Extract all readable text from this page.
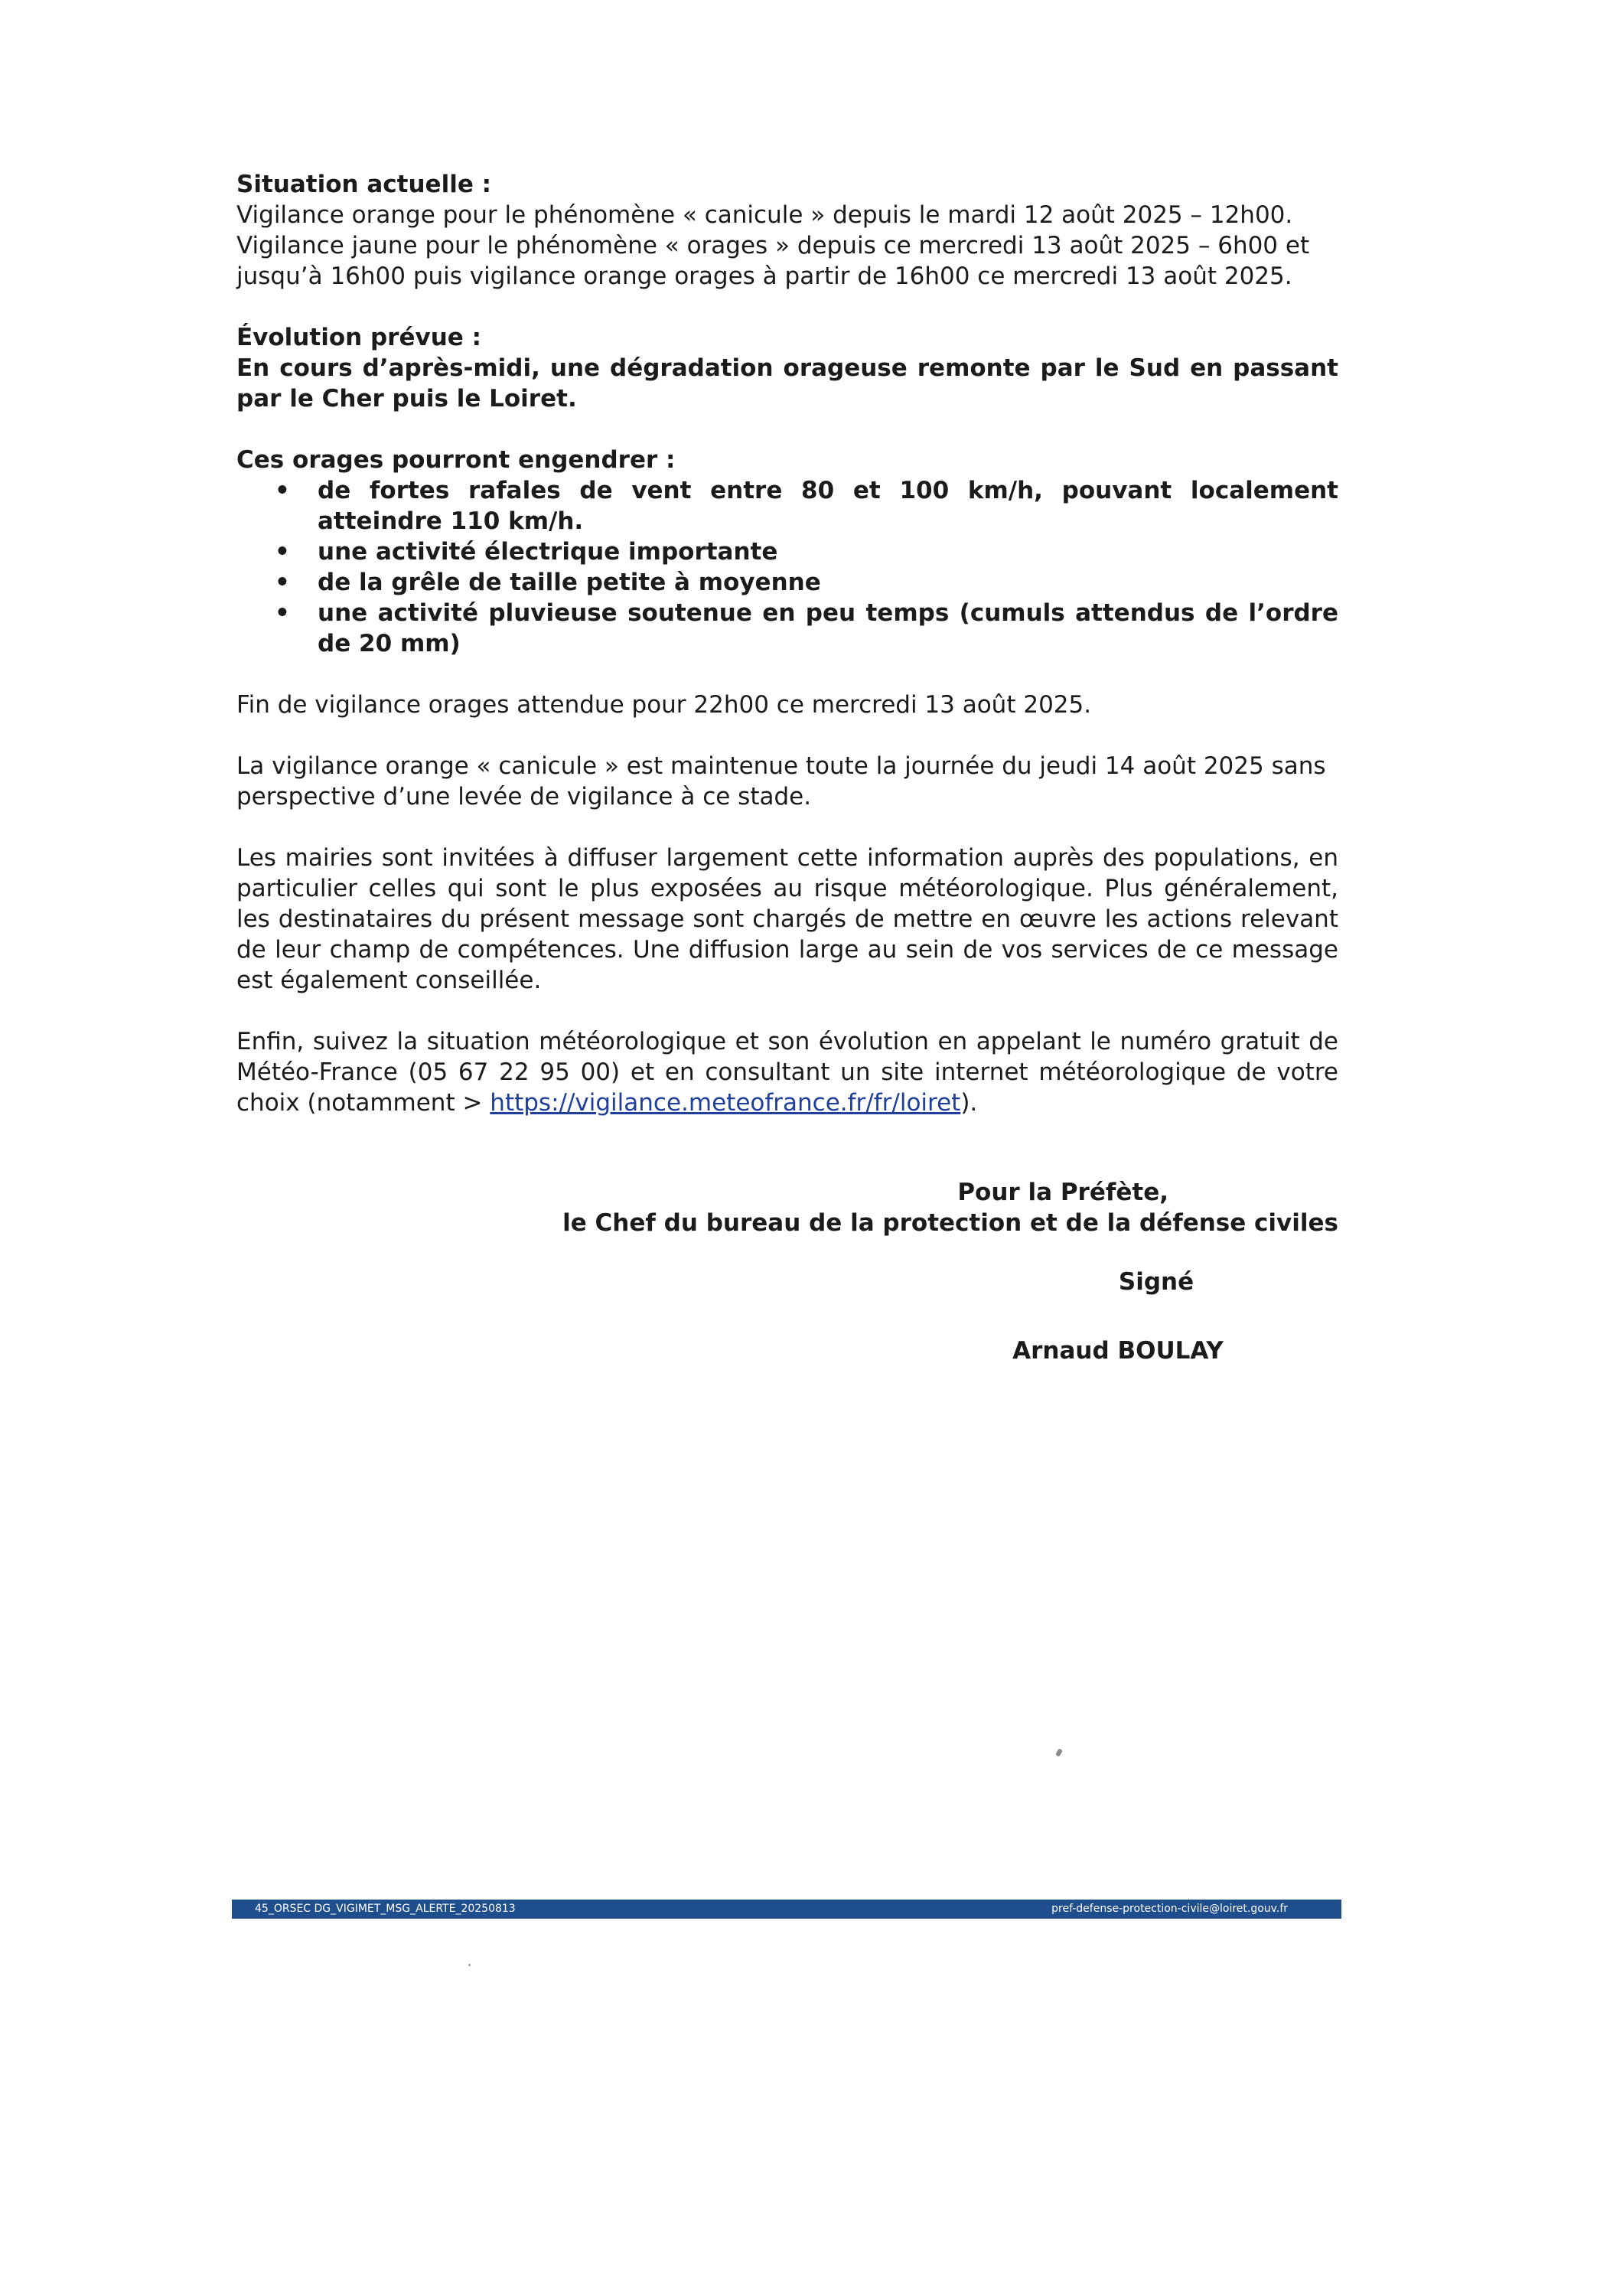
Situation actuelle :

Vigilance orange pour le phénomène « canicule » depuis le mardi 12 août 2025 – 12h00.

Vigilance jaune pour le phénomène « orages » depuis ce mercredi 13 août 2025 – 6h00 et jusqu’à 16h00 puis vigilance orange orages à partir de 16h00 ce mercredi 13 août 2025.

Évolution prévue :

En cours d’après-midi, une dégradation orageuse remonte par le Sud en passant par le Cher puis le Loiret.

Ces orages pourront engendrer :

• de fortes rafales de vent entre 80 et 100 km/h, pouvant localement atteindre 110 km/h.
• une activité électrique importante
• de la grêle de taille petite à moyenne
• une activité pluvieuse soutenue en peu temps (cumuls attendus de l’ordre de 20 mm)

Fin de vigilance orages attendue pour 22h00 ce mercredi 13 août 2025.

La vigilance orange « canicule » est maintenue toute la journée du jeudi 14 août 2025 sans perspective d’une levée de vigilance à ce stade.

Les mairies sont invitées à diffuser largement cette information auprès des populations, en particulier celles qui sont le plus exposées au risque météorologique. Plus généralement, les destinataires du présent message sont chargés de mettre en œuvre les actions relevant de leur champ de compétences. Une diffusion large au sein de vos services de ce message est également conseillée.

Enfin, suivez la situation météorologique et son évolution en appelant le numéro gratuit de Météo-France (05 67 22 95 00) et en consultant un site internet météorologique de votre choix (notamment > https://vigilance.meteofrance.fr/fr/loiret).

Pour la Préfète,
le Chef du bureau de la protection et de la défense civiles
Signé
Arnaud BOULAY
45_ORSEC DG_VIGIMET_MSG_ALERTE_20250813	pref-defense-protection-civile@loiret.gouv.fr
